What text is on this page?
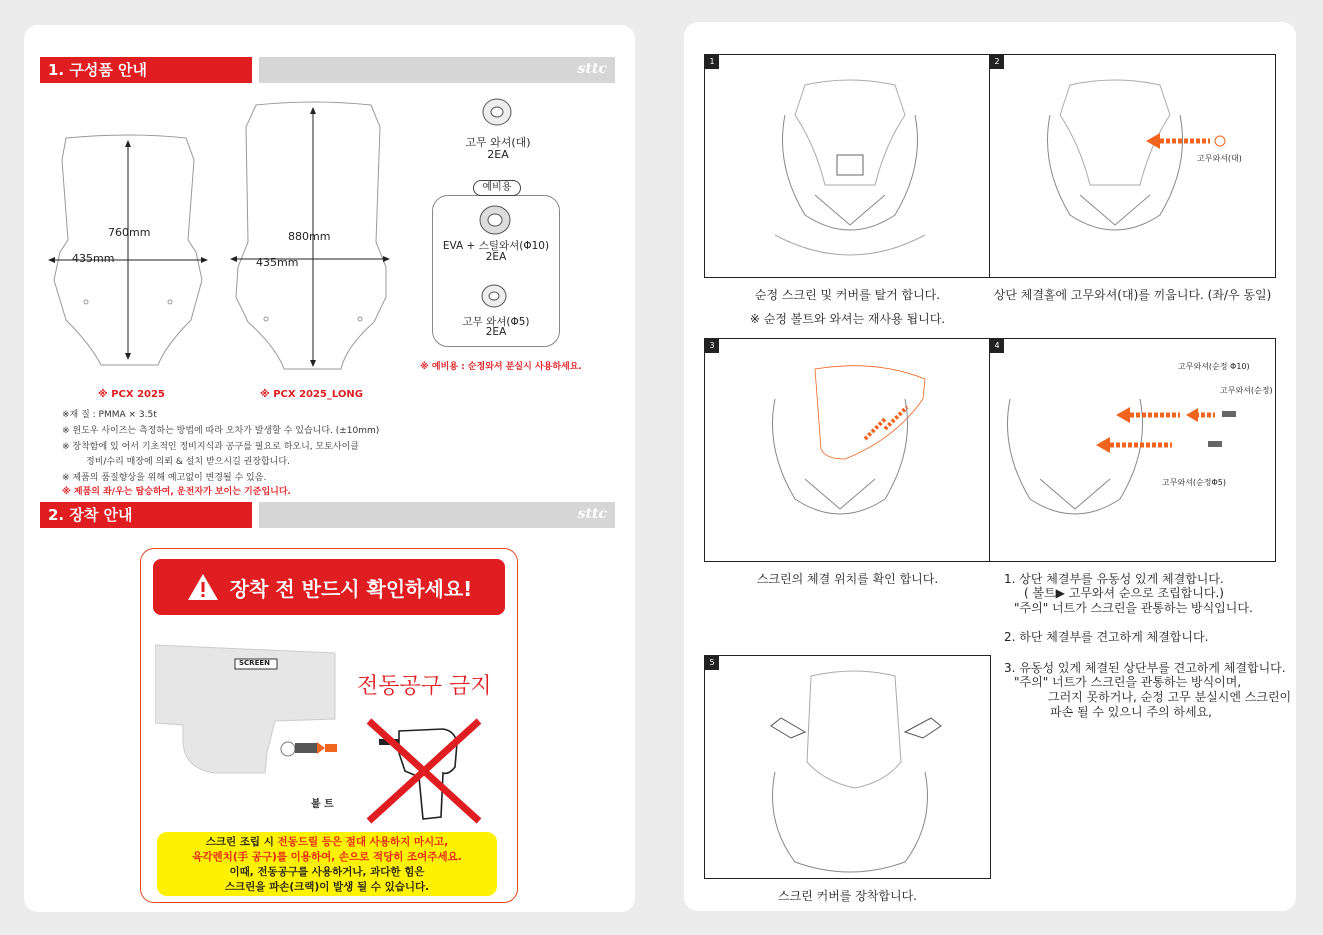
1. 구성품 안내	sttc
760mm
435mm
※ PCX 2025
880mm
435mm
※ PCX 2025_LONG
고무 와셔(대)
2EA
예비용
EVA + 스틸와셔(Φ10)
2EA
고무 와셔(Φ5)
2EA
※ 예비용 : 순정와셔 분실시 사용하세요.
※재 질 : PMMA × 3.5t
※ 윈도우 사이즈는 측정하는 방법에 따라 오차가 발생할 수 있습니다. (±10mm)
※ 장착함에 있 어서 기초적인 정비지식과 공구를 필요로 하오니, 모토사이클
정비/수리 매장에 의뢰 & 설치 받으시길 권장합니다.
※ 제품의 품질향상을 위해 예고없이 변경될 수 있음.
※ 제품의 좌/우는 탑승하여, 운전자가 보이는 기준입니다.
2. 장착 안내	sttc
장착 전 반드시 확인하세요!
SCREEN
볼 트
전동공구 금지
스크린 조립 시 전동드릴 등은 절대 사용하지 마시고,
육각렌치(手 공구)를 이용하여, 손으로 적당히 조여주세요.
이때, 전동공구를 사용하거나, 과다한 힘은
스크린을 파손(크랙)이 발생 될 수 있습니다.
1	2
고무와셔(대)
순정 스크린 및 커버를 탈거 합니다.
※ 순정 볼트와 와셔는 재사용 됩니다.
상단 체결홀에 고무와셔(대)를 끼웁니다. (좌/우 동일)
3	4
고무와셔(순정 Φ10)
고무와셔(순정)
고무와셔(순정Φ5)
스크린의 체결 위치를 확인 합니다.	1. 상단 체결부를 유동성 있게 체결합니다.
( 볼트▶ 고무와셔 순으로 조립합니다.)
"주의" 너트가 스크린을 관통하는 방식입니다.
2. 하단 체결부를 견고하게 체결합니다.
3. 유동성 있게 체결된 상단부를 견고하게 체결합니다.
"주의" 너트가 스크린을 관통하는 방식이며,
그러지 못하거나, 순정 고무 분실시엔 스크린이
파손 될 수 있으니 주의 하세요,
5
스크린 커버를 장착합니다.
